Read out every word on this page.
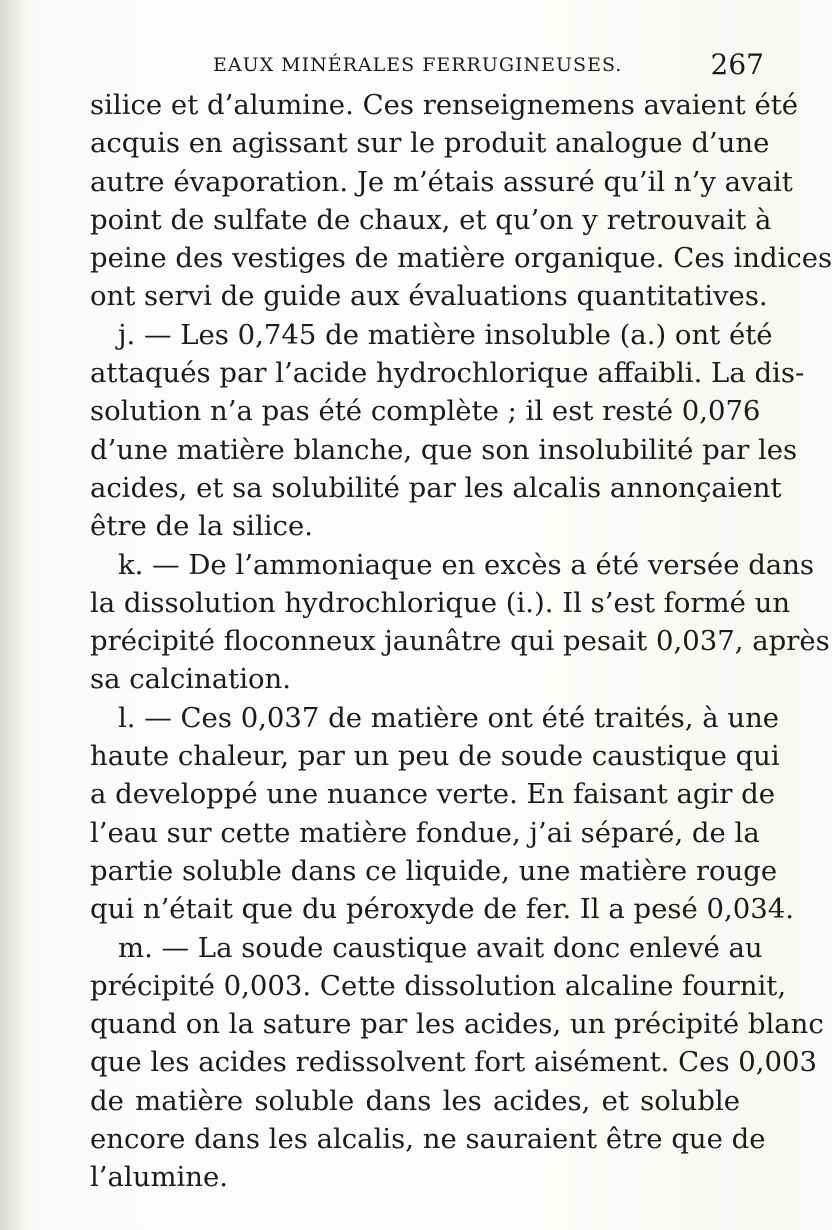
EAUX MINÉRALES FERRUGINEUSES.	267
silice et d’alumine. Ces renseignemens avaient été
acquis en agissant sur le produit analogue d’une
autre évaporation. Je m’étais assuré qu’il n’y avait
point de sulfate de chaux, et qu’on y retrouvait à
peine des vestiges de matière organique. Ces indices
ont servi de guide aux évaluations quantitatives.
j. — Les 0,745 de matière insoluble (a.) ont été
attaqués par l’acide hydrochlorique affaibli. La dis-
solution n’a pas été complète ; il est resté 0,076
d’une matière blanche, que son insolubilité par les
acides, et sa solubilité par les alcalis annonçaient
être de la silice.
k. — De l’ammoniaque en excès a été versée dans
la dissolution hydrochlorique (i.). Il s’est formé un
précipité floconneux jaunâtre qui pesait 0,037, après
sa calcination.
l. — Ces 0,037 de matière ont été traités, à une
haute chaleur, par un peu de soude caustique qui
a developpé une nuance verte. En faisant agir de
l’eau sur cette matière fondue, j’ai séparé, de la
partie soluble dans ce liquide, une matière rouge
qui n’était que du péroxyde de fer. Il a pesé 0,034.
m. — La soude caustique avait donc enlevé au
précipité 0,003. Cette dissolution alcaline fournit,
quand on la sature par les acides, un précipité blanc
que les acides redissolvent fort aisément. Ces 0,003
de matière soluble dans les acides, et soluble
encore dans les alcalis, ne sauraient être que de
l’alumine.
